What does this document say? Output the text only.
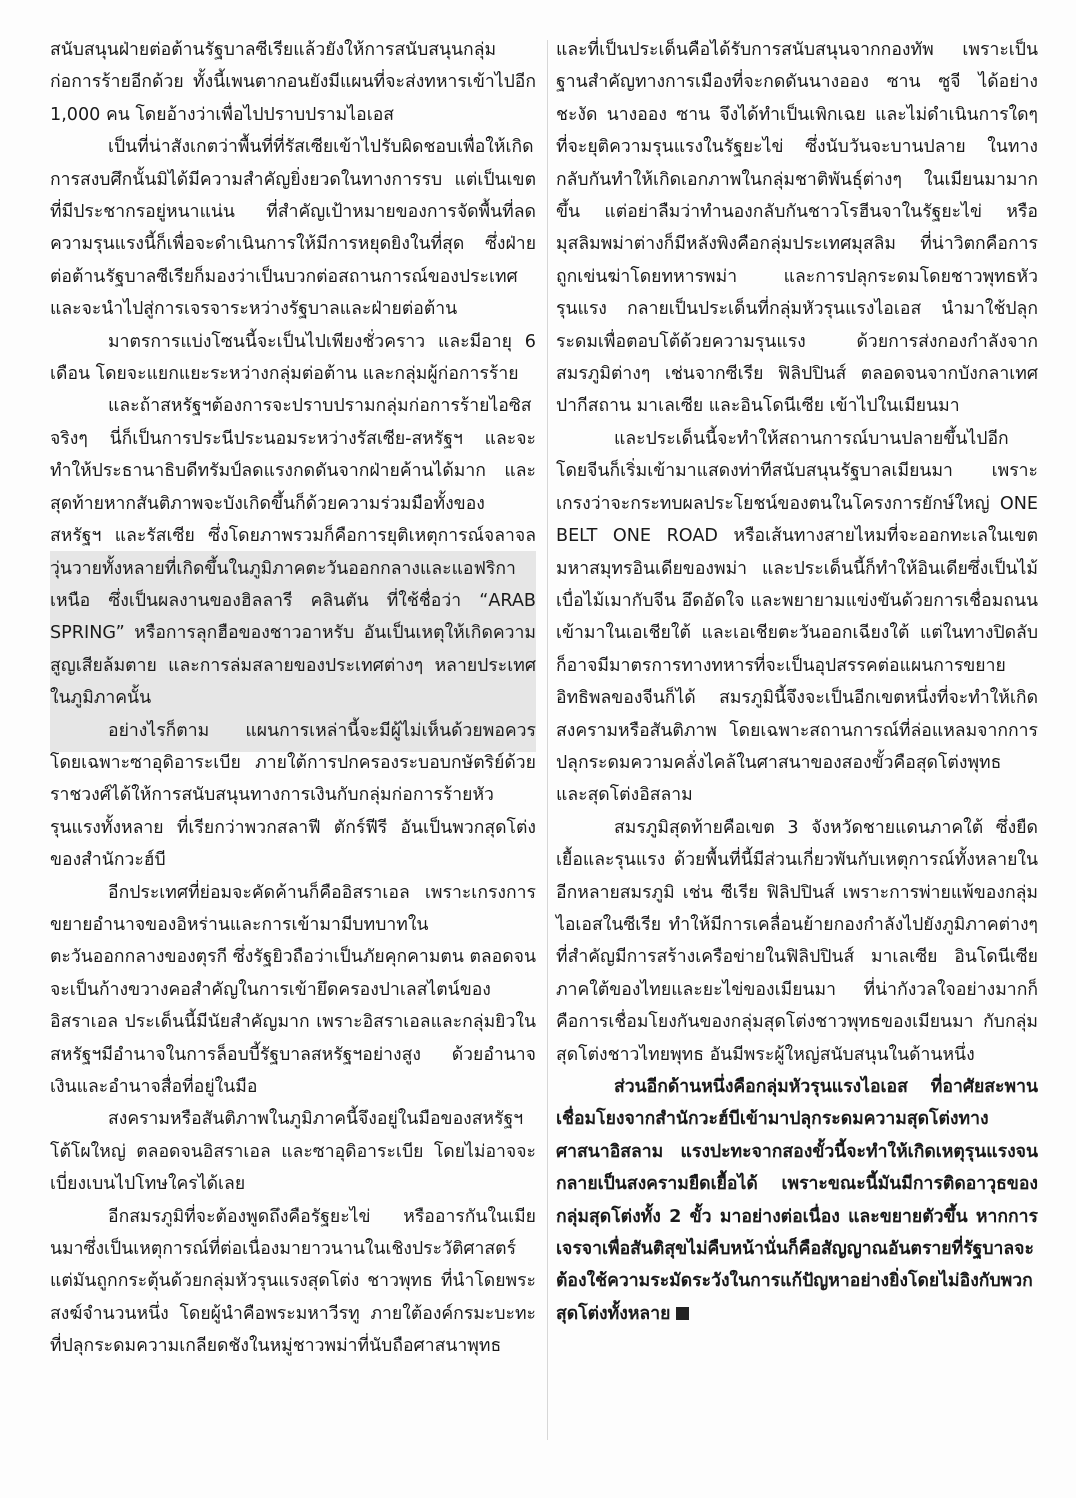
สนับสนุนฝ่ายต่อต้านรัฐบาลซีเรียแล้วยังให้การสนับสนุนกลุ่มก่อการร้ายอีกด้วย ทั้งนี้เพนตากอนยังมีแผนที่จะส่งทหารเข้าไปอีก 1,000 คน โดยอ้างว่าเพื่อไปปราบปรามไอเอส

เป็นที่น่าสังเกตว่าพื้นที่ที่รัสเซียเข้าไปรับผิดชอบเพื่อให้เกิดการสงบศึกนั้นมิได้มีความสำคัญยิ่งยวดในทางการรบ แต่เป็นเขตที่มีประชากรอยู่หนาแน่น ที่สำคัญเป้าหมายของการจัดพื้นที่ลดความรุนแรงนี้ก็เพื่อจะดำเนินการให้มีการหยุดยิงในที่สุด ซึ่งฝ่ายต่อต้านรัฐบาลซีเรียก็มองว่าเป็นบวกต่อสถานการณ์ของประเทศและจะนำไปสู่การเจรจาระหว่างรัฐบาลและฝ่ายต่อต้าน

มาตรการแบ่งโซนนี้จะเป็นไปเพียงชั่วคราว และมีอายุ 6 เดือน โดยจะแยกแยะระหว่างกลุ่มต่อต้าน และกลุ่มผู้ก่อการร้าย

และถ้าสหรัฐฯต้องการจะปราบปรามกลุ่มก่อการร้ายไอซิสจริงๆ นี่ก็เป็นการประนีประนอมระหว่างรัสเซีย-สหรัฐฯ และจะทำให้ประธานาธิบดีทรัมป์ลดแรงกดดันจากฝ่ายค้านได้มาก และสุดท้ายหากสันติภาพจะบังเกิดขึ้นก็ด้วยความร่วมมือทั้งของสหรัฐฯ และรัสเซีย ซึ่งโดยภาพรวมก็คือการยุติเหตุการณ์จลาจลวุ่นวายทั้งหลายที่เกิดขึ้นในภูมิภาคตะวันออกกลางและแอฟริกาเหนือ ซึ่งเป็นผลงานของฮิลลารี คลินตัน ที่ใช้ชื่อว่า “ARAB SPRING” หรือการลุกฮือของชาวอาหรับ อันเป็นเหตุให้เกิดความสูญเสียล้มตาย และการล่มสลายของประเทศต่างๆ หลายประเทศในภูมิภาคนั้น

อย่างไรก็ตาม แผนการเหล่านี้จะมีผู้ไม่เห็นด้วยพอควร โดยเฉพาะซาอุดิอาระเบีย ภายใต้การปกครองระบอบกษัตริย์ด้วยราชวงศ์ได้ให้การสนับสนุนทางการเงินกับกลุ่มก่อการร้ายหัวรุนแรงทั้งหลาย ที่เรียกว่าพวกสลาฟี ตักร์ฟีรี อันเป็นพวกสุดโต่งของสำนักวะฮ์บี

อีกประเทศที่ย่อมจะคัดค้านก็คืออิสราเอล เพราะเกรงการขยายอำนาจของอิหร่านและการเข้ามามีบทบาทในตะวันออกกลางของตุรกี ซึ่งรัฐยิวถือว่าเป็นภัยคุกคามตน ตลอดจนจะเป็นก้างขวางคอสำคัญในการเข้ายึดครองปาเลสไตน์ของอิสราเอล ประเด็นนี้มีนัยสำคัญมาก เพราะอิสราเอลและกลุ่มยิวในสหรัฐฯมีอำนาจในการล็อบบี้รัฐบาลสหรัฐฯอย่างสูง ด้วยอำนาจเงินและอำนาจสื่อที่อยู่ในมือ

สงครามหรือสันติภาพในภูมิภาคนี้จึงอยู่ในมือของสหรัฐฯ โต้โผใหญ่ ตลอดจนอิสราเอล และซาอุดิอาระเบีย โดยไม่อาจจะเบี่ยงเบนไปโทษใครได้เลย

อีกสมรภูมิที่จะต้องพูดถึงคือรัฐยะไข่ หรืออารกันในเมียนมาซึ่งเป็นเหตุการณ์ที่ต่อเนื่องมายาวนานในเชิงประวัติศาสตร์ แต่มันถูกกระตุ้นด้วยกลุ่มหัวรุนแรงสุดโต่ง ชาวพุทธ ที่นำโดยพระสงฆ์จำนวนหนึ่ง โดยผู้นำคือพระมหาวีรทู ภายใต้องค์กรมะบะทะที่ปลุกระดมความเกลียดชังในหมู่ชาวพม่าที่นับถือศาสนาพุทธ

และที่เป็นประเด็นคือได้รับการสนับสนุนจากกองทัพ เพราะเป็นฐานสำคัญทางการเมืองที่จะกดดันนางออง ซาน ซูจี ได้อย่างชะงัด นางออง ซาน จึงได้ทำเป็นเพิกเฉย และไม่ดำเนินการใดๆ ที่จะยุติความรุนแรงในรัฐยะไข่ ซึ่งนับวันจะบานปลาย ในทางกลับกันทำให้เกิดเอกภาพในกลุ่มชาติพันธุ์ต่างๆ ในเมียนมามากขึ้น แต่อย่าลืมว่าทำนองกลับกันชาวโรฮีนจาในรัฐยะไข่ หรือมุสลิมพม่าต่างก็มีหลังพิงคือกลุ่มประเทศมุสลิม ที่น่าวิตกคือการถูกเข่นฆ่าโดยทหารพม่า และการปลุกระดมโดยชาวพุทธหัวรุนแรง กลายเป็นประเด็นที่กลุ่มหัวรุนแรงไอเอส นำมาใช้ปลุกระดมเพื่อตอบโต้ด้วยความรุนแรง ด้วยการส่งกองกำลังจากสมรภูมิต่างๆ เช่นจากซีเรีย ฟิลิปปินส์ ตลอดจนจากบังกลาเทศ ปากีสถาน มาเลเซีย และอินโดนีเซีย เข้าไปในเมียนมา

และประเด็นนี้จะทำให้สถานการณ์บานปลายขึ้นไปอีก โดยจีนก็เริ่มเข้ามาแสดงท่าทีสนับสนุนรัฐบาลเมียนมา เพราะเกรงว่าจะกระทบผลประโยชน์ของตนในโครงการยักษ์ใหญ่ ONE BELT ONE ROAD หรือเส้นทางสายไหมที่จะออกทะเลในเขตมหาสมุทรอินเดียของพม่า และประเด็นนี้ก็ทำให้อินเดียซึ่งเป็นไม้เบื่อไม้เมากับจีน อึดอัดใจ และพยายามแข่งขันด้วยการเชื่อมถนนเข้ามาในเอเชียใต้ และเอเชียตะวันออกเฉียงใต้ แต่ในทางปิดลับก็อาจมีมาตรการทางทหารที่จะเป็นอุปสรรคต่อแผนการขยายอิทธิพลของจีนก็ได้ สมรภูมินี้จึงจะเป็นอีกเขตหนึ่งที่จะทำให้เกิดสงครามหรือสันติภาพ โดยเฉพาะสถานการณ์ที่ล่อแหลมจากการปลุกระดมความคลั่งไคล้ในศาสนาของสองขั้วคือสุดโต่งพุทธ และสุดโต่งอิสลาม

สมรภูมิสุดท้ายคือเขต 3 จังหวัดชายแดนภาคใต้ ซึ่งยืดเยื้อและรุนแรง ด้วยพื้นที่นี้มีส่วนเกี่ยวพันกับเหตุการณ์ทั้งหลายในอีกหลายสมรภูมิ เช่น ซีเรีย ฟิลิปปินส์ เพราะการพ่ายแพ้ของกลุ่มไอเอสในซีเรีย ทำให้มีการเคลื่อนย้ายกองกำลังไปยังภูมิภาคต่างๆ ที่สำคัญมีการสร้างเครือข่ายในฟิลิปปินส์ มาเลเซีย อินโดนีเซีย ภาคใต้ของไทยและยะไข่ของเมียนมา ที่น่ากังวลใจอย่างมากก็คือการเชื่อมโยงกันของกลุ่มสุดโต่งชาวพุทธของเมียนมา กับกลุ่มสุดโต่งชาวไทยพุทธ อันมีพระผู้ใหญ่สนับสนุนในด้านหนึ่ง

ส่วนอีกด้านหนึ่งคือกลุ่มหัวรุนแรงไอเอส ที่อาศัยสะพานเชื่อมโยงจากสำนักวะฮ์บีเข้ามาปลุกระดมความสุดโต่งทางศาสนาอิสลาม แรงปะทะจากสองขั้วนี้จะทำให้เกิดเหตุรุนแรงจนกลายเป็นสงครามยืดเยื้อได้ เพราะขณะนี้มันมีการติดอาวุธของกลุ่มสุดโต่งทั้ง 2 ขั้ว มาอย่างต่อเนื่อง และขยายตัวขึ้น หากการเจรจาเพื่อสันติสุขไม่คืบหน้านั่นก็คือสัญญาณอันตรายที่รัฐบาลจะต้องใช้ความระมัดระวังในการแก้ปัญหาอย่างยิ่งโดยไม่อิงกับพวกสุดโต่งทั้งหลาย
